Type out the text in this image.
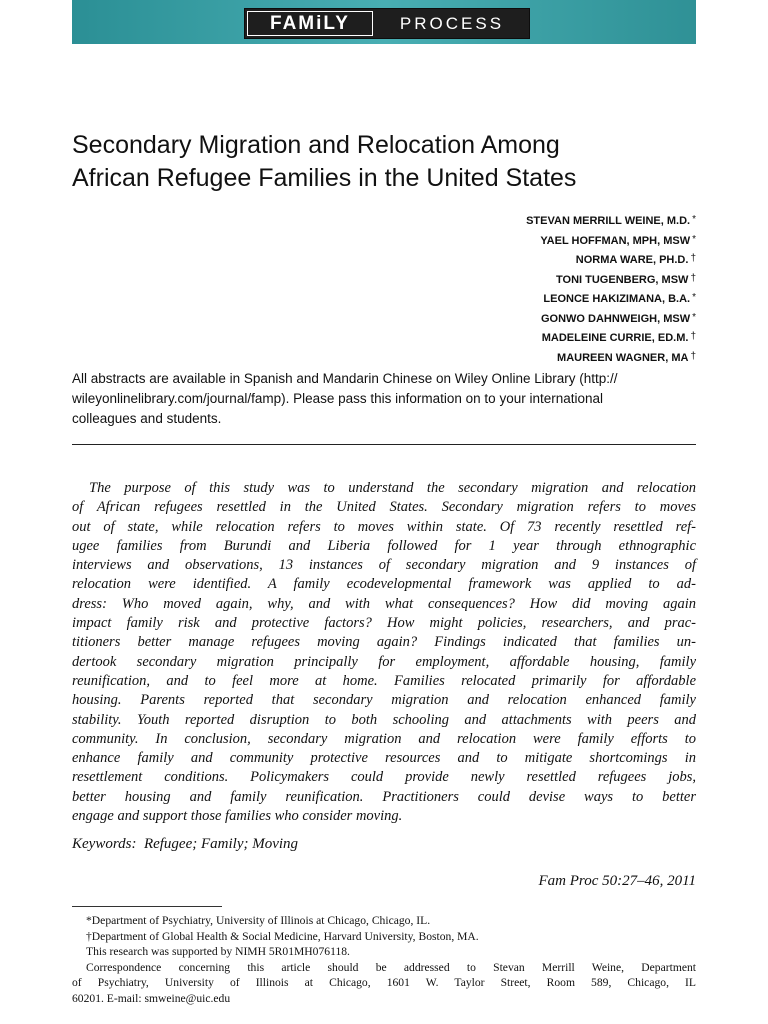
FAMiLY	PROCESS
Secondary Migration and Relocation Among
African Refugee Families in the United States
STEVAN MERRILL WEINE, M.D. *
YAEL HOFFMAN, MPH, MSW *
NORMA WARE, PH.D. †
TONI TUGENBERG, MSW †
LEONCE HAKIZIMANA, B.A. *
GONWO DAHNWEIGH, MSW *
MADELEINE CURRIE, ED.M. †
MAUREEN WAGNER, MA †
All abstracts are available in Spanish and Mandarin Chinese on Wiley Online Library (http://
wileyonlinelibrary.com/journal/famp). Please pass this information on to your international
colleagues and students.
The purpose of this study was to understand the secondary migration and relocation
of African refugees resettled in the United States. Secondary migration refers to moves
out of state, while relocation refers to moves within state. Of 73 recently resettled ref-
ugee families from Burundi and Liberia followed for 1 year through ethnographic
interviews and observations, 13 instances of secondary migration and 9 instances of
relocation were identified. A family ecodevelopmental framework was applied to ad-
dress: Who moved again, why, and with what consequences? How did moving again
impact family risk and protective factors? How might policies, researchers, and prac-
titioners better manage refugees moving again? Findings indicated that families un-
dertook secondary migration principally for employment, affordable housing, family
reunification, and to feel more at home. Families relocated primarily for affordable
housing. Parents reported that secondary migration and relocation enhanced family
stability. Youth reported disruption to both schooling and attachments with peers and
community. In conclusion, secondary migration and relocation were family efforts to
enhance family and community protective resources and to mitigate shortcomings in
resettlement conditions. Policymakers could provide newly resettled refugees jobs,
better housing and family reunification. Practitioners could devise ways to better
engage and support those families who consider moving.
Keywords:  Refugee; Family; Moving
Fam Proc 50:27–46, 2011
*Department of Psychiatry, University of Illinois at Chicago, Chicago, IL.
†Department of Global Health & Social Medicine, Harvard University, Boston, MA.
This research was supported by NIMH 5R01MH076118.
Correspondence concerning this article should be addressed to Stevan Merrill Weine, Department
of Psychiatry, University of Illinois at Chicago, 1601 W. Taylor Street, Room 589, Chicago, IL
60201. E-mail: smweine@uic.edu
